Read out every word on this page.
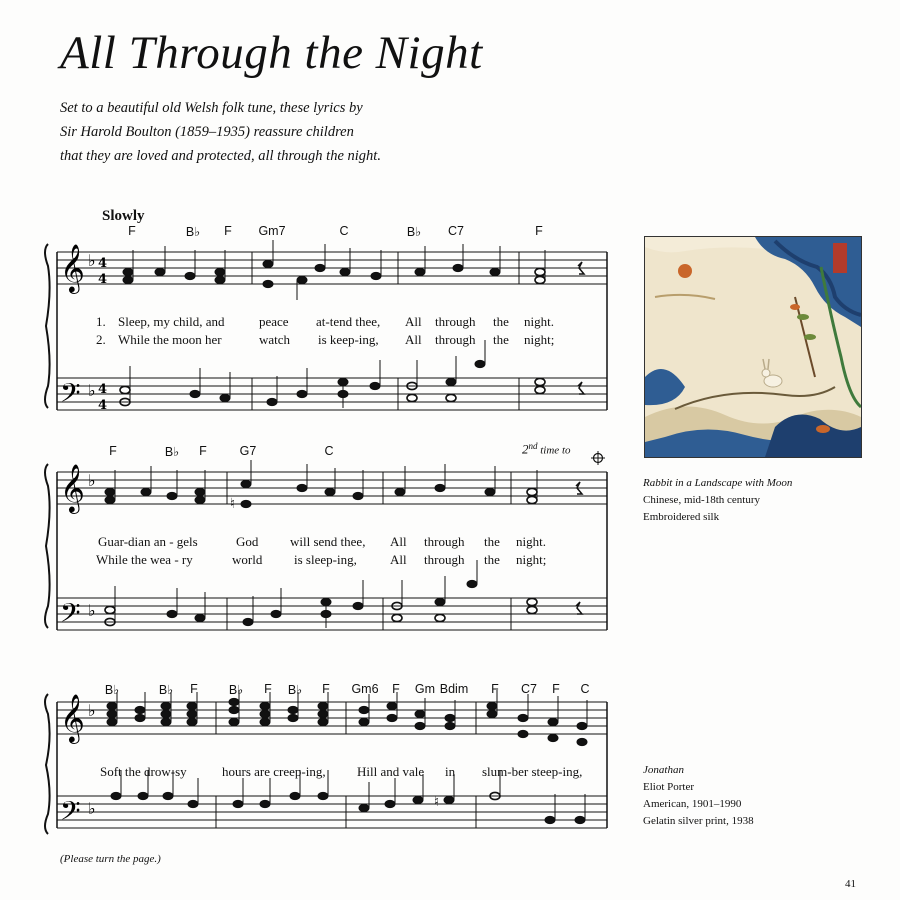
All Through the Night
Set to a beautiful old Welsh folk tune, these lyrics by
Sir Harold Boulton (1859–1935) reassure children
that they are loved and protected, all through the night.
Slowly
𝄞
𝄢
♭
♭
4
4
4
4
F	B♭ F Gm7	C	B♭ C7	F
1. Sleep, my child, and	peace at-tend thee, All through the night.
2. While the moon her	watch is keep-ing, All through the night;
𝄞
𝄢
♭
♭
♮
F	B♭ F	G7	C	2nd time to
Guar-dian an - gels	God will send thee, All through the night.
While the wea - ry	world is sleep-ing,	All through the night;
𝄞
𝄢
♭
♭	♮
B♭	B♭ F B♭ F B♭ F Gm6 F Gm Bdim F C7 F C
Soft the drow-sy	hours are creep-ing, Hill and vale in slum-ber steep-ing,
Rabbit in a Landscape with Moon
Chinese, mid-18th century
Embroidered silk
Jonathan
Eliot Porter
American, 1901–1990
Gelatin silver print, 1938
(Please turn the page.)
41
